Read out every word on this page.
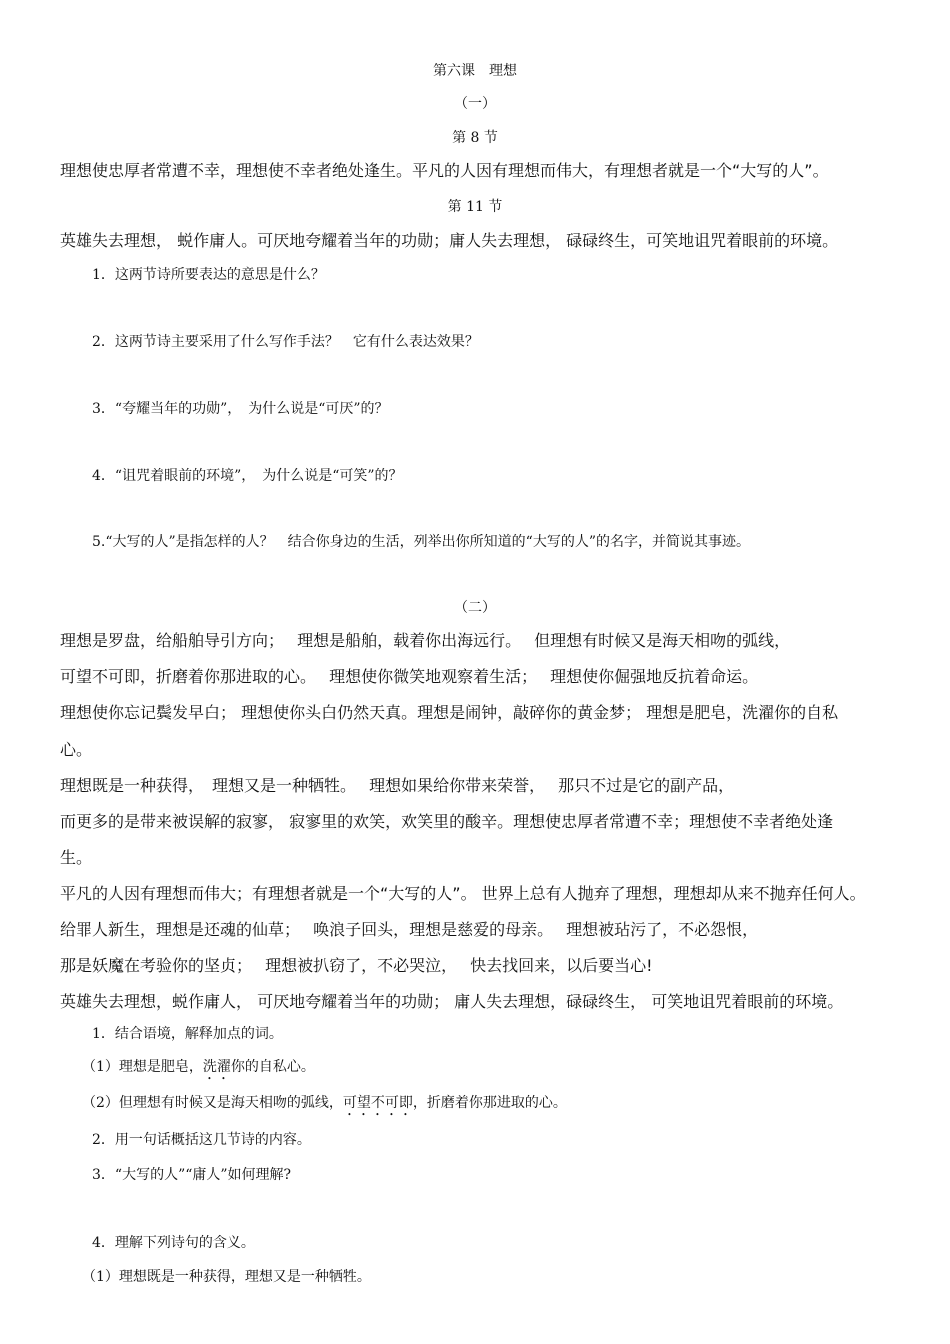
第六课　理想

（一）

第 8 节

理想使忠厚者常遭不幸，理想使不幸者绝处逢生。平凡的人因有理想而伟大，有理想者就是一个“大写的人”。

第 11 节

英雄失去理想， 蜕作庸人。可厌地夸耀着当年的功勋；庸人失去理想， 碌碌终生，可笑地诅咒着眼前的环境。

1．这两节诗所要表达的意思是什么？

2．这两节诗主要采用了什么写作手法？　它有什么表达效果？

3．“夸耀当年的功勋”，　为什么说是“可厌”的？

4．“诅咒着眼前的环境”，　为什么说是“可笑”的？

5.“大写的人”是指怎样的人？　结合你身边的生活，列举出你所知道的“大写的人”的名字，并简说其事迹。

（二）

理想是罗盘，给船舶导引方向；　 理想是船舶，载着你出海远行。　 但理想有时候又是海天相吻的弧线，

可望不可即，折磨着你那进取的心。　 理想使你微笑地观察着生活；　 理想使你倔强地反抗着命运。

理想使你忘记鬓发早白； 理想使你头白仍然天真。理想是闹钟，敲碎你的黄金梦； 理想是肥皂，洗濯你的自私

心。

理想既是一种获得，　理想又是一种牺牲。　 理想如果给你带来荣誉，　 那只不过是它的副产品，

而更多的是带来被误解的寂寥， 寂寥里的欢笑，欢笑里的酸辛。理想使忠厚者常遭不幸；理想使不幸者绝处逢

生。

平凡的人因有理想而伟大；有理想者就是一个“大写的人”。 世界上总有人抛弃了理想，理想却从来不抛弃任何人。

给罪人新生，理想是还魂的仙草；　 唤浪子回头，理想是慈爱的母亲。　 理想被玷污了，不必怨恨，

那是妖魔在考验你的坚贞；　 理想被扒窃了，不必哭泣，　 快去找回来，以后要当心!

英雄失去理想，蜕作庸人， 可厌地夸耀着当年的功勋； 庸人失去理想，碌碌终生， 可笑地诅咒着眼前的环境。

1．结合语境，解释加点的词。

（1）理想是肥皂，洗濯你的自私心。

（2）但理想有时候又是海天相吻的弧线，可望不可即，折磨着你那进取的心。

2．用一句话概括这几节诗的内容。

3．“大写的人”“庸人”如何理解?

4．理解下列诗句的含义。

（1）理想既是一种获得，理想又是一种牺牲。
